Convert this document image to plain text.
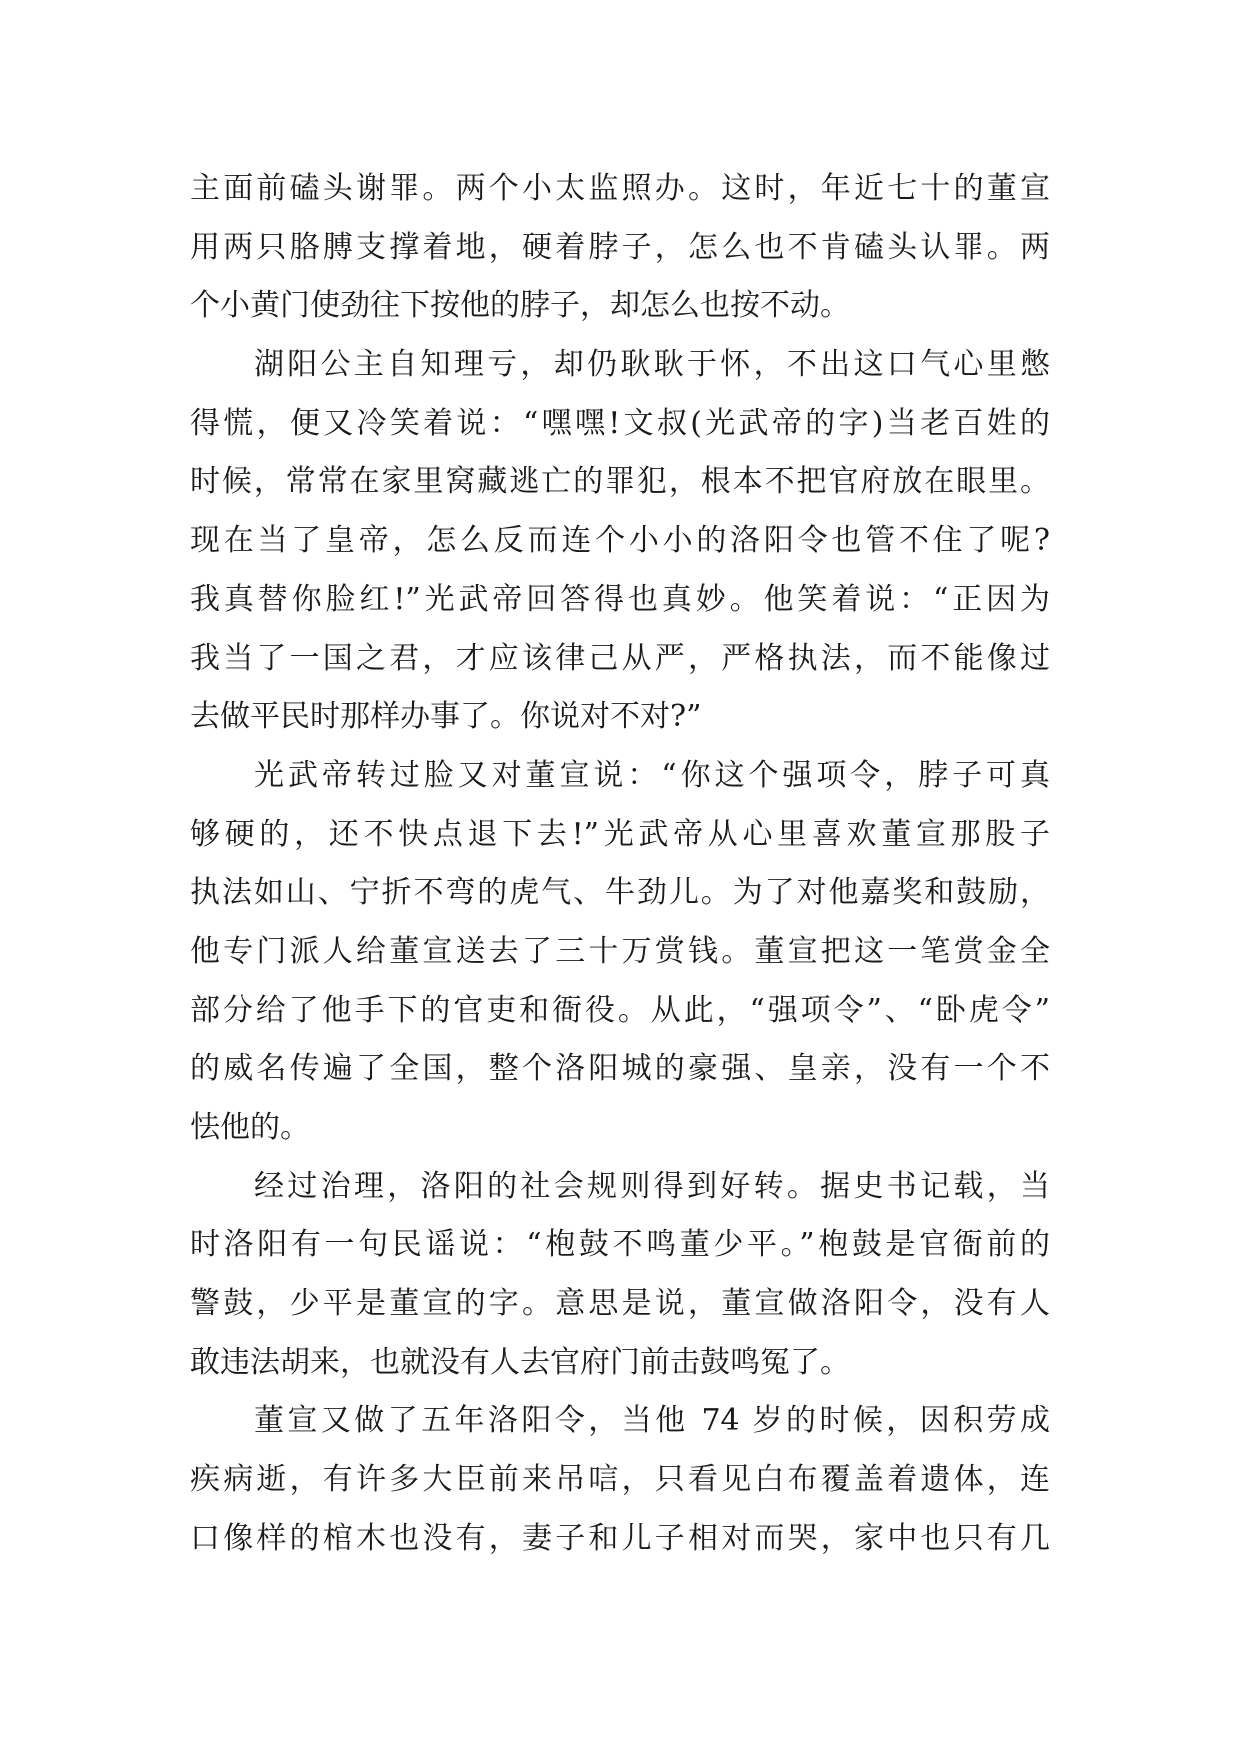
主面前磕头谢罪。两个小太监照办。这时，年近七十的董宣
用两只胳膊支撑着地，硬着脖子，怎么也不肯磕头认罪。两
个小黄门使劲往下按他的脖子，却怎么也按不动。
湖阳公主自知理亏，却仍耿耿于怀，不出这口气心里憋
得慌，便又冷笑着说：“嘿嘿!文叔(光武帝的字)当老百姓的
时候，常常在家里窝藏逃亡的罪犯，根本不把官府放在眼里。
现在当了皇帝，怎么反而连个小小的洛阳令也管不住了呢?
我真替你脸红!”光武帝回答得也真妙。他笑着说：“正因为
我当了一国之君，才应该律己从严，严格执法，而不能像过
去做平民时那样办事了。你说对不对?”
光武帝转过脸又对董宣说：“你这个强项令，脖子可真
够硬的，还不快点退下去!”光武帝从心里喜欢董宣那股子
执法如山、宁折不弯的虎气、牛劲儿。为了对他嘉奖和鼓励，
他专门派人给董宣送去了三十万赏钱。董宣把这一笔赏金全
部分给了他手下的官吏和衙役。从此，“强项令”、“卧虎令”
的威名传遍了全国，整个洛阳城的豪强、皇亲，没有一个不
怯他的。
经过治理，洛阳的社会规则得到好转。据史书记载，当
时洛阳有一句民谣说：“枹鼓不鸣董少平。”枹鼓是官衙前的
警鼓，少平是董宣的字。意思是说，董宣做洛阳令，没有人
敢违法胡来，也就没有人去官府门前击鼓鸣冤了。
董宣又做了五年洛阳令，当他 74 岁的时候，因积劳成
疾病逝，有许多大臣前来吊唁，只看见白布覆盖着遗体，连
口像样的棺木也没有，妻子和儿子相对而哭，家中也只有几
